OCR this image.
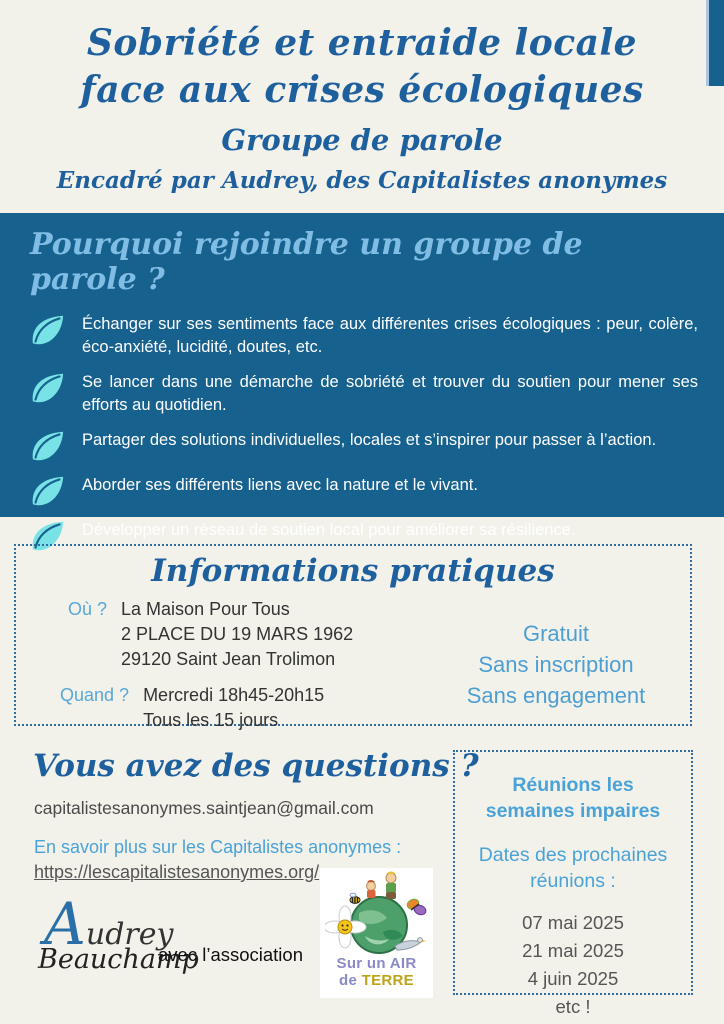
Sobriété et entraide locale
face aux crises écologiques
Groupe de parole
Encadré par Audrey, des Capitalistes anonymes
Pourquoi rejoindre un groupe de parole ?
Échanger sur ses sentiments face aux différentes crises écologiques : peur, colère, éco-anxiété, lucidité, doutes, etc.
Se lancer dans une démarche de sobriété et trouver du soutien pour mener ses efforts au quotidien.
Partager des solutions individuelles, locales et s’inspirer pour passer à l’action.
Aborder ses différents liens avec la nature et le vivant.
Développer un réseau de soutien local pour améliorer sa résilience.
Informations pratiques
Où ? La Maison Pour Tous
2 PLACE DU 19 MARS 1962
29120 Saint Jean Trolimon
Quand ? Mercredi 18h45-20h15
Tous les 15 jours
Gratuit
Sans inscription
Sans engagement
Vous avez des questions ?
capitalistesanonymes.saintjean@gmail.com
En savoir plus sur les Capitalistes anonymes :
https://lescapitalistesanonymes.org/
A udrey
Beauchamp
avec l’association Sur un AIR
de TERRE
Réunions les semaines impaires
Dates des prochaines réunions :
07 mai 2025
21 mai 2025
4 juin 2025
etc !
